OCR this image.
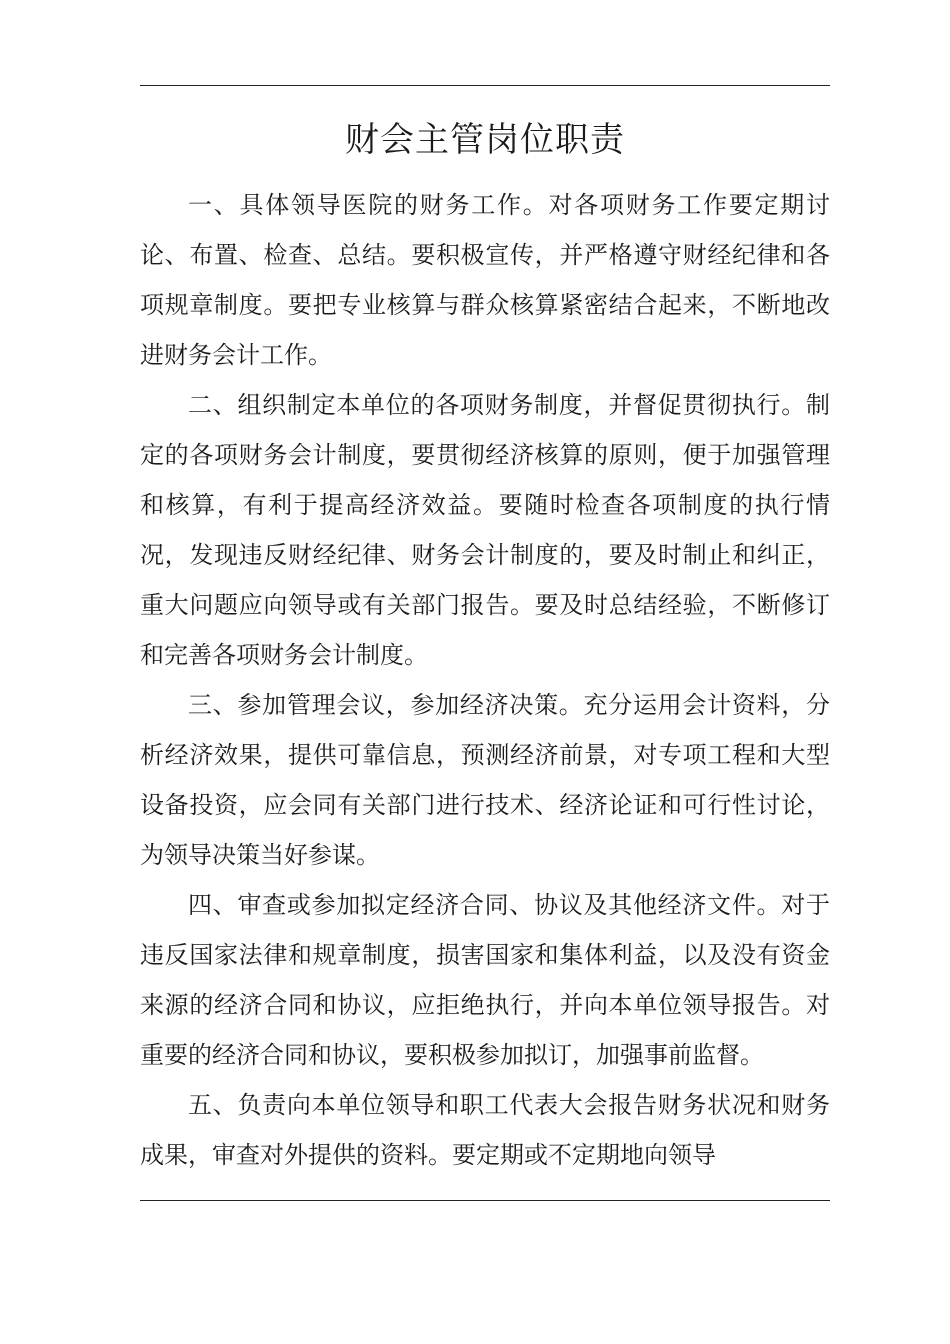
财会主管岗位职责

一、具体领导医院的财务工作。对各项财务工作要定期讨论、布置、检查、总结。要积极宣传，并严格遵守财经纪律和各项规章制度。要把专业核算与群众核算紧密结合起来，不断地改进财务会计工作。

二、组织制定本单位的各项财务制度，并督促贯彻执行。制定的各项财务会计制度，要贯彻经济核算的原则，便于加强管理和核算，有利于提高经济效益。要随时检查各项制度的执行情况，发现违反财经纪律、财务会计制度的，要及时制止和纠正，重大问题应向领导或有关部门报告。要及时总结经验，不断修订和完善各项财务会计制度。

三、参加管理会议，参加经济决策。充分运用会计资料，分析经济效果，提供可靠信息，预测经济前景，对专项工程和大型设备投资，应会同有关部门进行技术、经济论证和可行性讨论，为领导决策当好参谋。

四、审查或参加拟定经济合同、协议及其他经济文件。对于违反国家法律和规章制度，损害国家和集体利益，以及没有资金来源的经济合同和协议，应拒绝执行，并向本单位领导报告。对重要的经济合同和协议，要积极参加拟订，加强事前监督。

五、负责向本单位领导和职工代表大会报告财务状况和财务成果，审查对外提供的资料。要定期或不定期地向领导
